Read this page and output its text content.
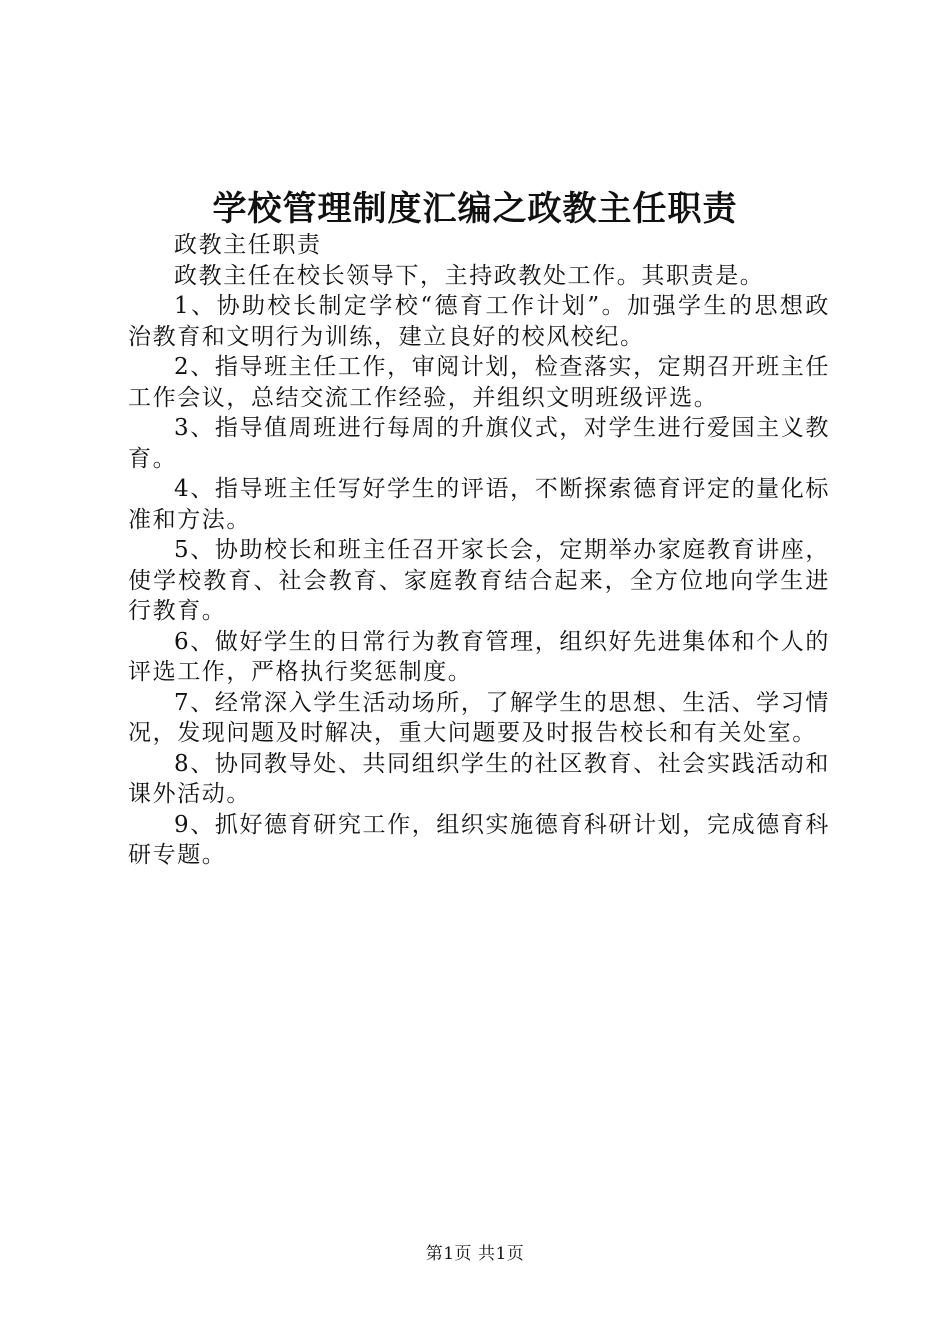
学校管理制度汇编之政教主任职责

政教主任职责

政教主任在校长领导下，主持政教处工作。其职责是。

1、协助校长制定学校“德育工作计划”。加强学生的思想政治教育和文明行为训练，建立良好的校风校纪。

2、指导班主任工作，审阅计划，检查落实，定期召开班主任工作会议，总结交流工作经验，并组织文明班级评选。

3、指导值周班进行每周的升旗仪式，对学生进行爱国主义教育。

4、指导班主任写好学生的评语，不断探索德育评定的量化标准和方法。

5、协助校长和班主任召开家长会，定期举办家庭教育讲座，使学校教育、社会教育、家庭教育结合起来，全方位地向学生进行教育。

6、做好学生的日常行为教育管理，组织好先进集体和个人的评选工作，严格执行奖惩制度。

7、经常深入学生活动场所，了解学生的思想、生活、学习情况，发现问题及时解决，重大问题要及时报告校长和有关处室。

8、协同教导处、共同组织学生的社区教育、社会实践活动和课外活动。

9、抓好德育研究工作，组织实施德育科研计划，完成德育科研专题。

第1页 共1页
